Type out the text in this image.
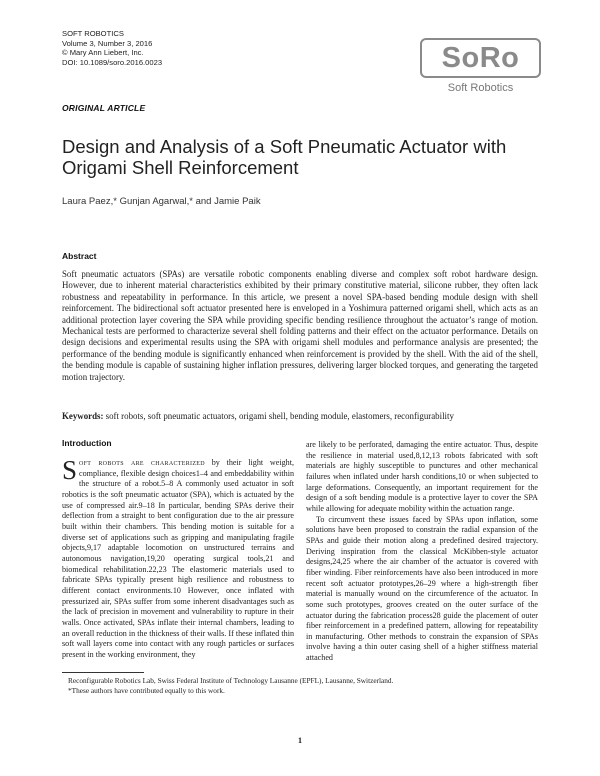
SOFT ROBOTICS
Volume 3, Number 3, 2016
© Mary Ann Liebert, Inc.
DOI: 10.1089/soro.2016.0023	SoRo
Soft Robotics
ORIGINAL ARTICLE
Design and Analysis of a Soft Pneumatic Actuator with Origami Shell Reinforcement
Laura Paez,* Gunjan Agarwal,* and Jamie Paik
Abstract
Soft pneumatic actuators (SPAs) are versatile robotic components enabling diverse and complex soft robot hardware design. However, due to inherent material characteristics exhibited by their primary constitutive material, silicone rubber, they often lack robustness and repeatability in performance. In this article, we present a novel SPA-based bending module design with shell reinforcement. The bidirectional soft actuator presented here is enveloped in a Yoshimura patterned origami shell, which acts as an additional protection layer covering the SPA while providing specific bending resilience throughout the actuator’s range of motion. Mechanical tests are performed to characterize several shell folding patterns and their effect on the actuator performance. Details on design decisions and experimental results using the SPA with origami shell modules and performance analysis are presented; the performance of the bending module is significantly enhanced when reinforcement is provided by the shell. With the aid of the shell, the bending module is capable of sustaining higher inflation pressures, delivering larger blocked torques, and generating the targeted motion trajectory.
Keywords: soft robots, soft pneumatic actuators, origami shell, bending module, elastomers, reconfigurability
Introduction

Soft robots are characterized by their light weight, compliance, flexible design choices1–4 and embeddability within the structure of a robot.5–8 A commonly used actuator in soft robotics is the soft pneumatic actuator (SPA), which is actuated by the use of compressed air.9–18 In particular, bending SPAs derive their deflection from a straight to bent configuration due to the air pressure built within their chambers. This bending motion is suitable for a diverse set of applications such as gripping and manipulating fragile objects,9,17 adaptable locomotion on unstructured terrains and autonomous navigation,19,20 operating surgical tools,21 and biomedical rehabilitation.22,23 The elastomeric materials used to fabricate SPAs typically present high resilience and robustness to different contact environments.10 However, once inflated with pressurized air, SPAs suffer from some inherent disadvantages such as the lack of precision in movement and vulnerability to rupture in their walls. Once activated, SPAs inflate their internal chambers, leading to an overall reduction in the thickness of their walls. If these inflated thin soft wall layers come into contact with any rough particles or surfaces present in the working environment, they

are likely to be perforated, damaging the entire actuator. Thus, despite the resilience in material used,8,12,13 robots fabricated with soft materials are highly susceptible to punctures and other mechanical failures when inflated under harsh conditions,10 or when subjected to large deformations. Consequently, an important requirement for the design of a soft bending module is a protective layer to cover the SPA while allowing for adequate mobility within the actuation range.

To circumvent these issues faced by SPAs upon inflation, some solutions have been proposed to constrain the radial expansion of the SPAs and guide their motion along a predefined desired trajectory. Deriving inspiration from the classical McKibben-style actuator designs,24,25 where the air chamber of the actuator is covered with fiber winding. Fiber reinforcements have also been introduced in more recent soft actuator prototypes,26–29 where a high-strength fiber material is manually wound on the circumference of the actuator. In some such prototypes, grooves created on the outer surface of the actuator during the fabrication process28 guide the placement of outer fiber reinforcement in a predefined pattern, allowing for repeatability in manufacturing. Other methods to constrain the expansion of SPAs involve having a thin outer casing shell of a higher stiffness material attached

Reconfigurable Robotics Lab, Swiss Federal Institute of Technology Lausanne (EPFL), Lausanne, Switzerland.
*These authors have contributed equally to this work.
1
